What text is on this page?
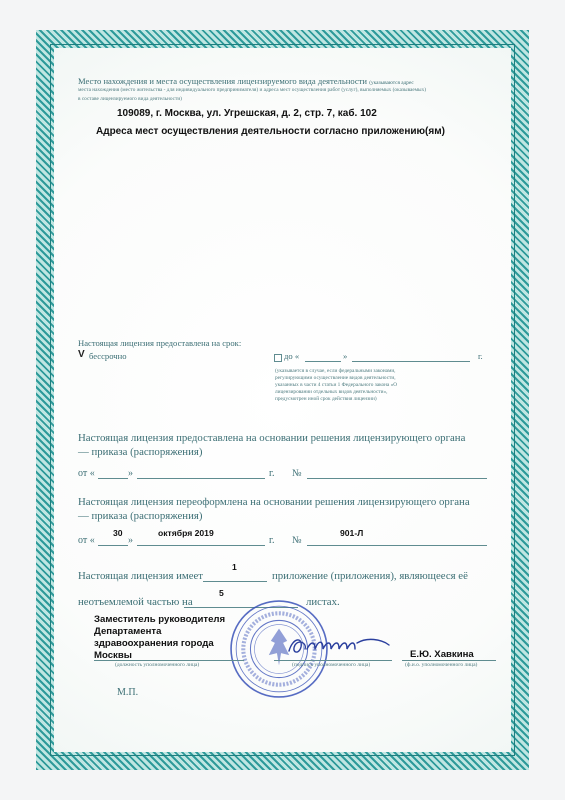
Место нахождения и места осуществления лицензируемого вида деятельности (указываются адрес
места нахождения (место жительства - для индивидуального предпринимателя) и адреса мест осуществления работ (услуг), выполняемых (оказываемых)
в составе лицензируемого вида деятельности)
109089, г. Москва, ул. Угрешская, д. 2, стр. 7, каб. 102
Адреса мест осуществления деятельности согласно приложению(ям)
Настоящая лицензия предоставлена на срок:
V бессрочно	до «	»	г.
(указывается в случае, если федеральными законами, регулирующими осуществление видов деятельности, указанных в части 4 статьи 1 Федерального закона «О лицензировании отдельных видов деятельности», предусмотрен иной срок действия лицензии)
Настоящая лицензия предоставлена на основании решения лицензирующего органа
— приказа (распоряжения)
от «	»	г. №
Настоящая лицензия переоформлена на основании решения лицензирующего органа
— приказа (распоряжения)
от «
30
»
октября 2019
г. №
901-Л
Настоящая лицензия имеет
1
приложение (приложения), являющееся её
неотъемлемой частью на
5
листах.
Заместитель руководителя
Департамента
здравоохранения города
Москвы
(должность уполномоченного лица)	(подпись уполномоченного лица)
Е.Ю. Хавкина
(ф.и.о. уполномоченного лица)
М.П.
